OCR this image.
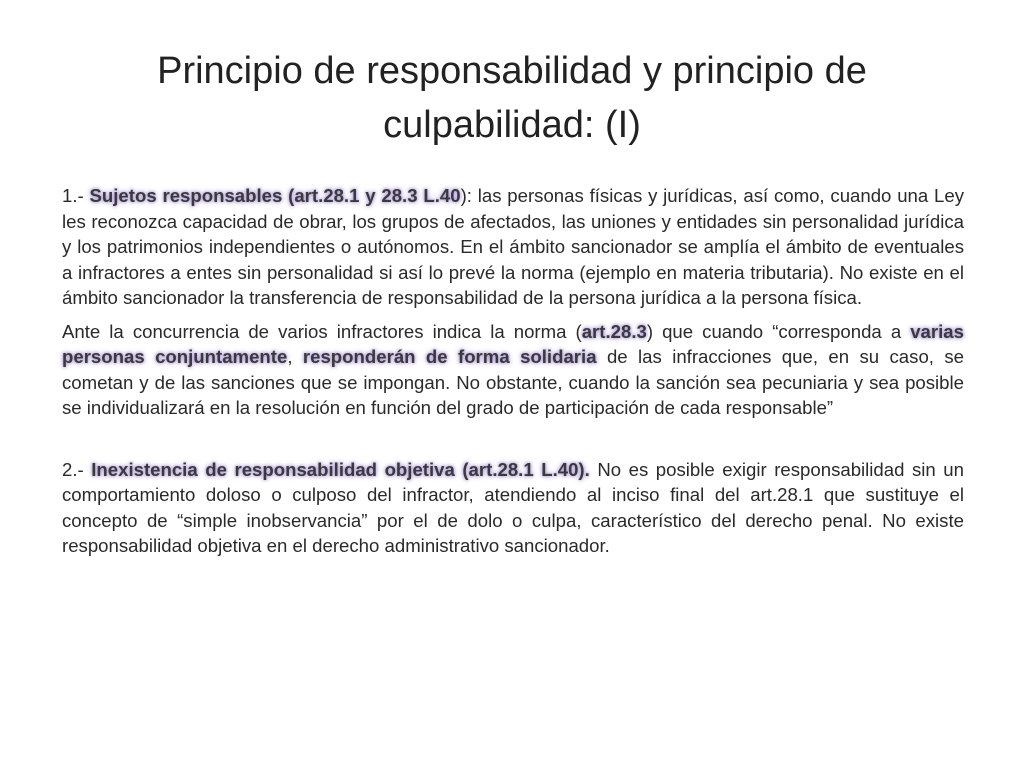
Principio de responsabilidad y principio de culpabilidad: (I)

1.- Sujetos responsables (art.28.1 y 28.3 L.40): las personas físicas y jurídicas, así como, cuando una Ley les reconozca capacidad de obrar, los grupos de afectados, las uniones y entidades sin personalidad jurídica y los patrimonios independientes o autónomos. En el ámbito sancionador se amplía el ámbito de eventuales a infractores a entes sin personalidad si así lo prevé la norma (ejemplo en materia tributaria). No existe en el ámbito sancionador la transferencia de responsabilidad de la persona jurídica a la persona física.

Ante la concurrencia de varios infractores indica la norma (art.28.3) que cuando “corresponda a varias personas conjuntamente, responderán de forma solidaria de las infracciones que, en su caso, se cometan y de las sanciones que se impongan. No obstante, cuando la sanción sea pecuniaria y sea posible se individualizará en la resolución en función del grado de participación de cada responsable”

2.- Inexistencia de responsabilidad objetiva (art.28.1 L.40). No es posible exigir responsabilidad sin un comportamiento doloso o culposo del infractor, atendiendo al inciso final del art.28.1 que sustituye el concepto de “simple inobservancia” por el de dolo o culpa, característico del derecho penal. No existe responsabilidad objetiva en el derecho administrativo sancionador.
